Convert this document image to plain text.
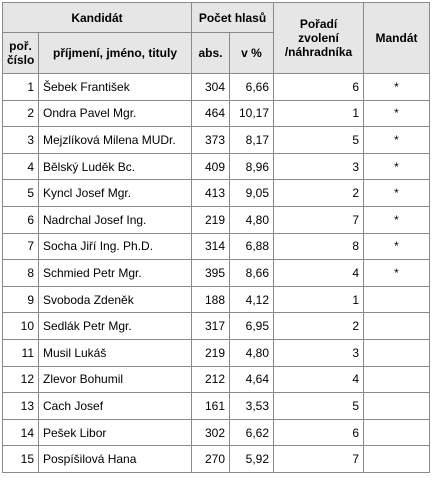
Kandidát		Počet hlasů		Pořadí zvolení /náhradníka	Mandát
poř. číslo	příjmení, jméno, tituly	abs.	v %		
1	Šebek František	304	6,66	6	*
2	Ondra Pavel Mgr.	464	10,17	1	*
3	Mejzlíková Milena MUDr.	373	8,17	5	*
4	Bělský Luděk Bc.	409	8,96	3	*
5	Kyncl Josef Mgr.	413	9,05	2	*
6	Nadrchal Josef Ing.	219	4,80	7	*
7	Socha Jiří Ing. Ph.D.	314	6,88	8	*
8	Schmied Petr Mgr.	395	8,66	4	*
9	Svoboda Zdeněk	188	4,12	1	
10	Sedlák Petr Mgr.	317	6,95	2	
11	Musil Lukáš	219	4,80	3	
12	Zlevor Bohumil	212	4,64	4	
13	Cach Josef	161	3,53	5	
14	Pešek Libor	302	6,62	6	
15	Pospíšilová Hana	270	5,92	7	
